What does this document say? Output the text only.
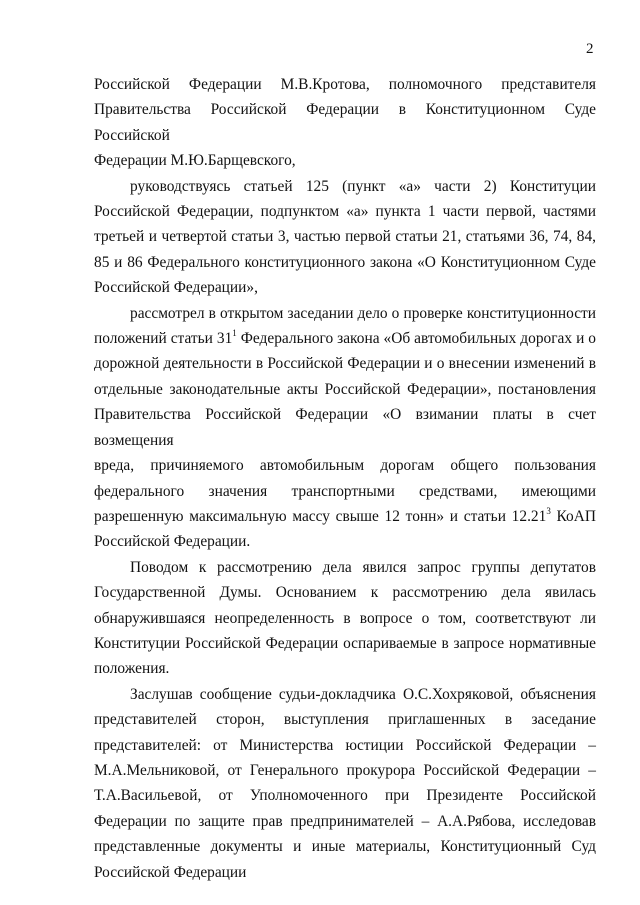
2
Российской Федерации М.В.Кротова, полномочного представителя
Правительства Российской Федерации в Конституционном Суде Российской
Федерации М.Ю.Барщевского,
руководствуясь статьей 125 (пункт «а» части 2) Конституции
Российской Федерации, подпунктом «а» пункта 1 части первой, частями
третьей и четвертой статьи 3, частью первой статьи 21, статьями 36, 74, 84,
85 и 86 Федерального конституционного закона «О Конституционном Суде
Российской Федерации»,
рассмотрел в открытом заседании дело о проверке конституционности
положений статьи $31^1$ Федерального закона «Об автомобильных дорогах и о
дорожной деятельности в Российской Федерации и о внесении изменений в
отдельные законодательные акты Российской Федерации», постановления
Правительства Российской Федерации «О взимании платы в счет возмещения
вреда, причиняемого автомобильным дорогам общего пользования
федерального значения транспортными средствами, имеющими
разрешенную максимальную массу свыше 12 тонн» и статьи 12.21$^3$ КоАП
Российской Федерации.
Поводом к рассмотрению дела явился запрос группы депутатов
Государственной Думы. Основанием к рассмотрению дела явилась
обнаружившаяся неопределенность в вопросе о том, соответствуют ли
Конституции Российской Федерации оспариваемые в запросе нормативные
положения.
Заслушав сообщение судьи-докладчика О.С.Хохряковой, объяснения
представителей сторон, выступления приглашенных в заседание
представителей: от Министерства юстиции Российской Федерации –
М.А.Мельниковой, от Генерального прокурора Российской Федерации –
Т.А.Васильевой, от Уполномоченного при Президенте Российской
Федерации по защите прав предпринимателей – А.А.Рябова, исследовав
представленные документы и иные материалы, Конституционный Суд
Российской Федерации
